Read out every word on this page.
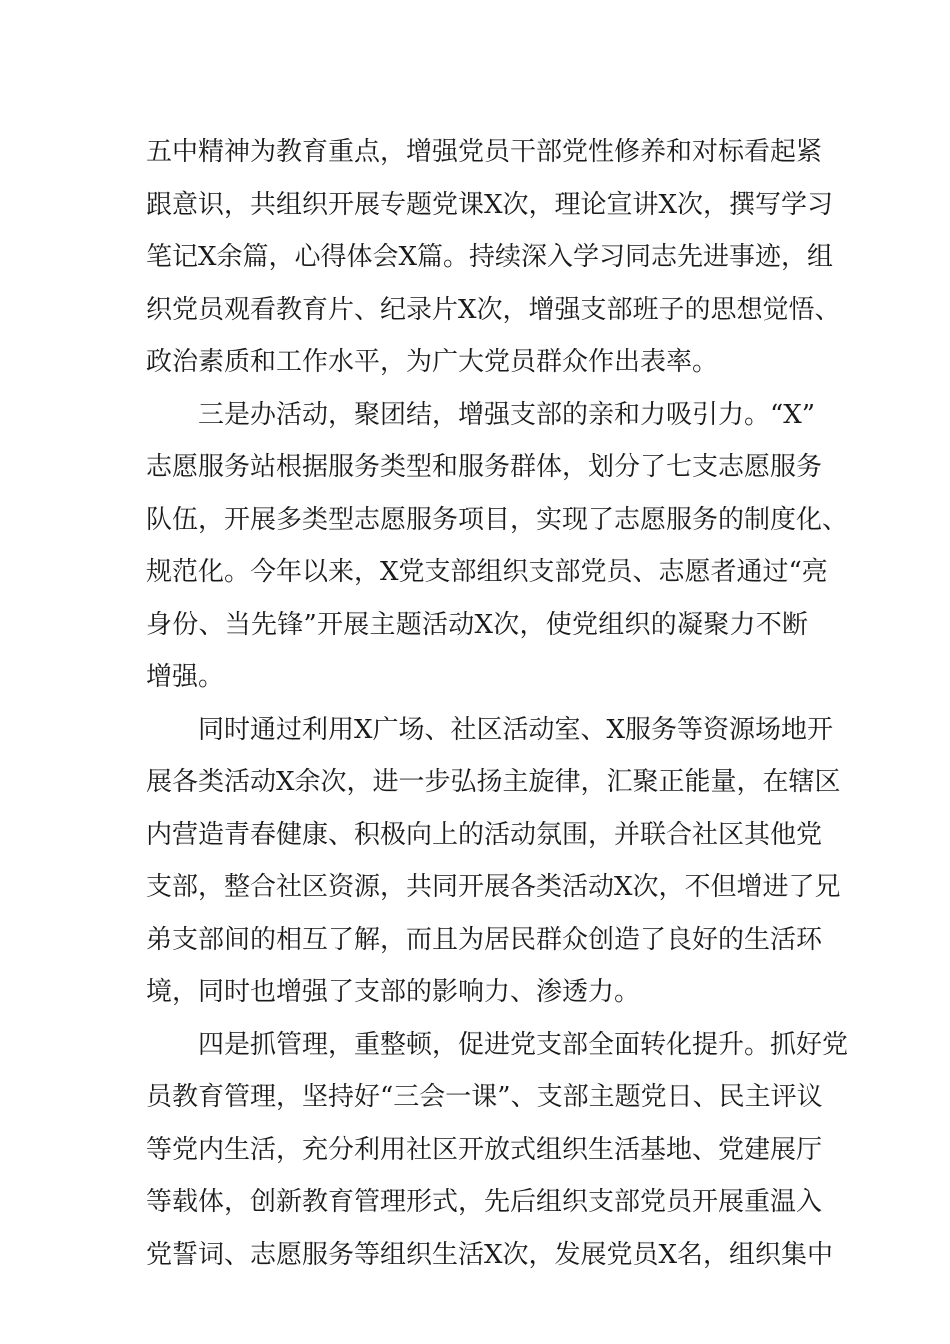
五中精神为教育重点，增强党员干部党性修养和对标看起紧
跟意识，共组织开展专题党课X次，理论宣讲X次，撰写学习
笔记X余篇，心得体会X篇。持续深入学习同志先进事迹，组
织党员观看教育片、纪录片X次，增强支部班子的思想觉悟、
政治素质和工作水平，为广大党员群众作出表率。
三是办活动，聚团结，增强支部的亲和力吸引力。“X”
志愿服务站根据服务类型和服务群体，划分了七支志愿服务
队伍，开展多类型志愿服务项目，实现了志愿服务的制度化、
规范化。今年以来，X党支部组织支部党员、志愿者通过“亮
身份、当先锋”开展主题活动X次，使党组织的凝聚力不断
增强。
同时通过利用X广场、社区活动室、X服务等资源场地开
展各类活动X余次，进一步弘扬主旋律，汇聚正能量，在辖区
内营造青春健康、积极向上的活动氛围，并联合社区其他党
支部，整合社区资源，共同开展各类活动X次，不但增进了兄
弟支部间的相互了解，而且为居民群众创造了良好的生活环
境，同时也增强了支部的影响力、渗透力。
四是抓管理，重整顿，促进党支部全面转化提升。抓好党
员教育管理，坚持好“三会一课”、支部主题党日、民主评议
等党内生活，充分利用社区开放式组织生活基地、党建展厅
等载体，创新教育管理形式，先后组织支部党员开展重温入
党誓词、志愿服务等组织生活X次，发展党员X名，组织集中
